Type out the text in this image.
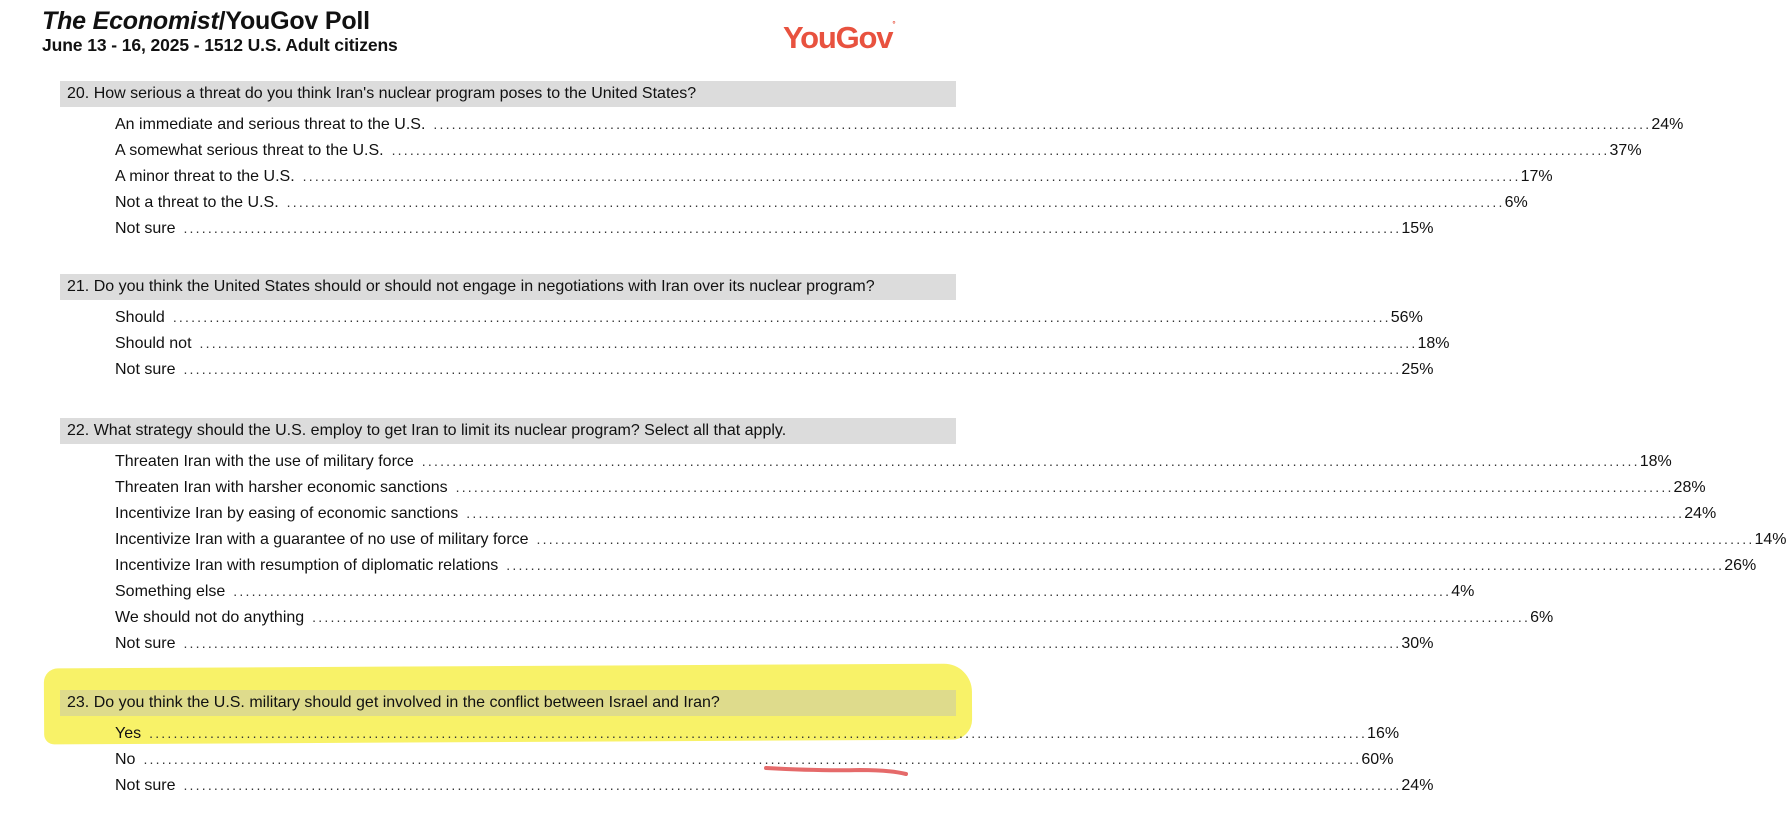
The Economist/YouGov Poll
June 13 - 16, 2025 - 1512 U.S. Adult citizens	YouGov°
20. How serious a threat do you think Iran's nuclear program poses to the United States?
An immediate and serious threat to the U.S. ........................................................................................................................................................................................................ 24%
A somewhat serious threat to the U.S. ........................................................................................................................................................................................................ 37%
A minor threat to the U.S. ........................................................................................................................................................................................................ 17%
Not a threat to the U.S. ........................................................................................................................................................................................................ 6%
Not sure ........................................................................................................................................................................................................ 15%
21. Do you think the United States should or should not engage in negotiations with Iran over its nuclear program?
Should ........................................................................................................................................................................................................ 56%
Should not ........................................................................................................................................................................................................ 18%
Not sure ........................................................................................................................................................................................................ 25%
22. What strategy should the U.S. employ to get Iran to limit its nuclear program? Select all that apply.
Threaten Iran with the use of military force ........................................................................................................................................................................................................ 18%
Threaten Iran with harsher economic sanctions ........................................................................................................................................................................................................ 28%
Incentivize Iran by easing of economic sanctions ........................................................................................................................................................................................................ 24%
Incentivize Iran with a guarantee of no use of military force ........................................................................................................................................................................................................ 14%
Incentivize Iran with resumption of diplomatic relations ........................................................................................................................................................................................................ 26%
Something else ........................................................................................................................................................................................................ 4%
We should not do anything ........................................................................................................................................................................................................ 6%
Not sure ........................................................................................................................................................................................................ 30%
23. Do you think the U.S. military should get involved in the conflict between Israel and Iran?
Yes ........................................................................................................................................................................................................ 16%
No ........................................................................................................................................................................................................ 60%
Not sure ........................................................................................................................................................................................................ 24%
